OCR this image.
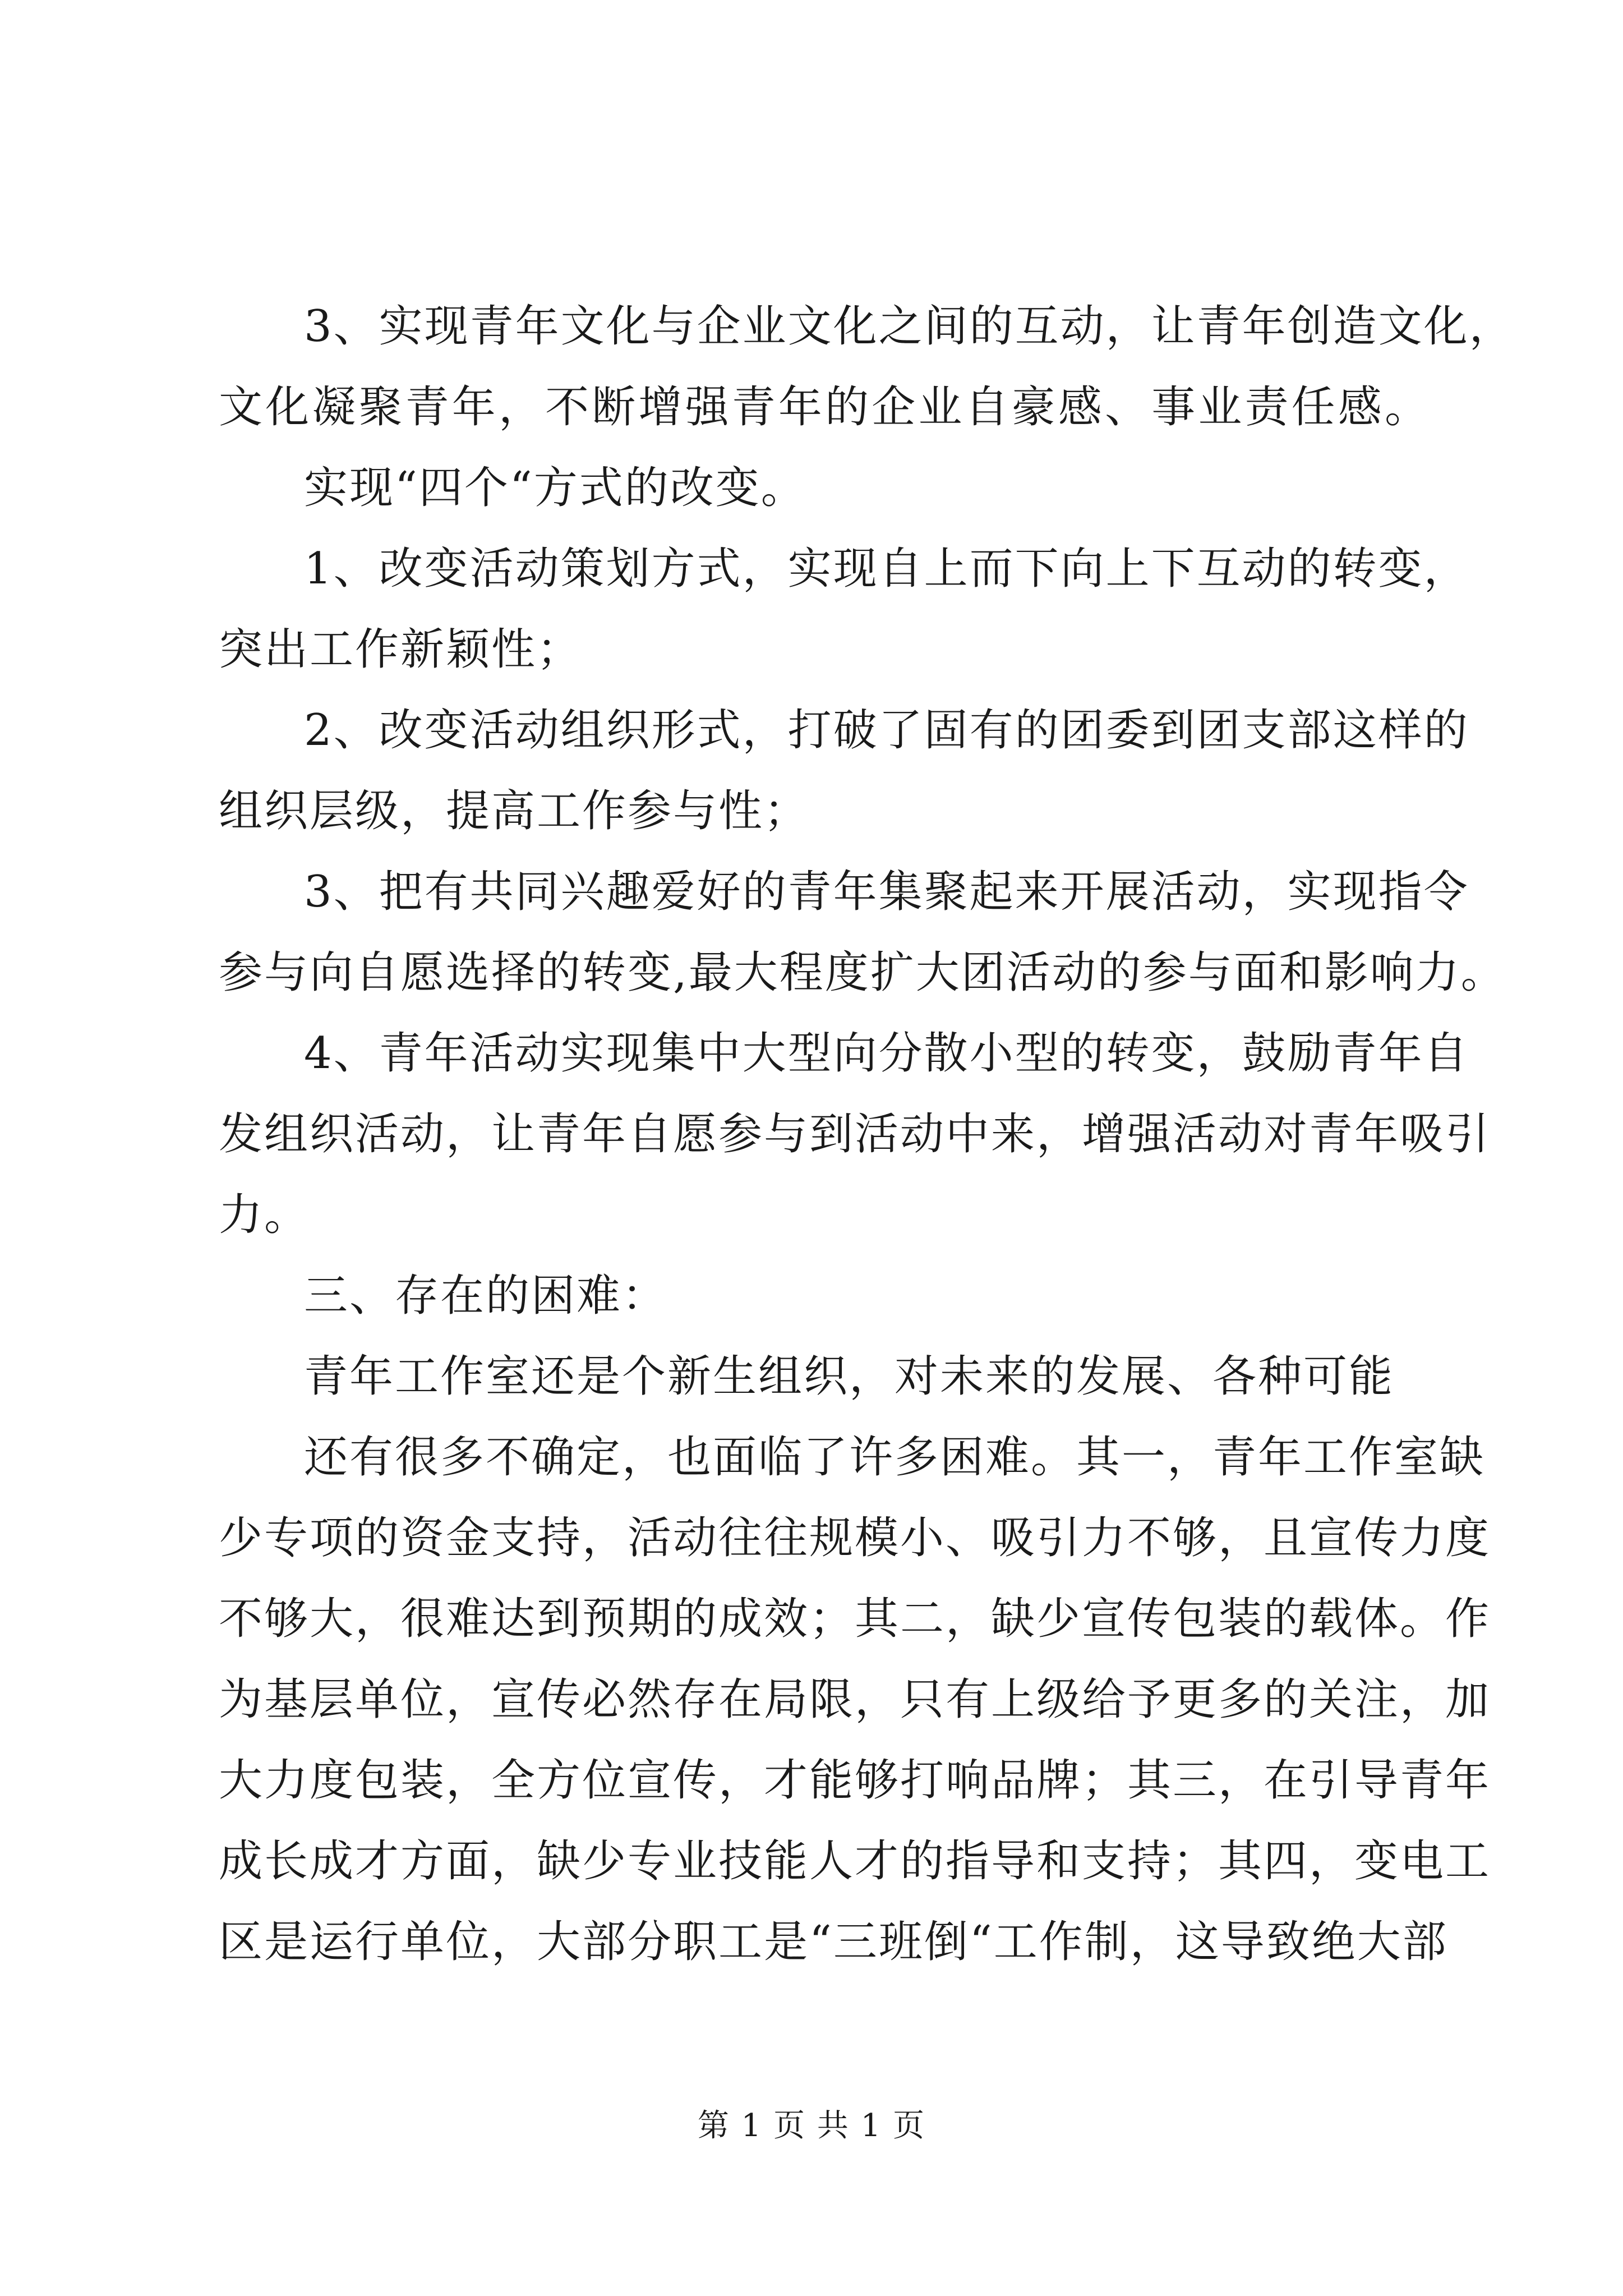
3、实现青年文化与企业文化之间的互动，让青年创造文化，
文化凝聚青年，不断增强青年的企业自豪感、事业责任感。
实现“四个“方式的改变。
1、改变活动策划方式，实现自上而下向上下互动的转变，
突出工作新颖性；
2、改变活动组织形式，打破了固有的团委到团支部这样的
组织层级，提高工作参与性；
3、把有共同兴趣爱好的青年集聚起来开展活动，实现指令
参与向自愿选择的转变,最大程度扩大团活动的参与面和影响力。
4、青年活动实现集中大型向分散小型的转变，鼓励青年自
发组织活动，让青年自愿参与到活动中来，增强活动对青年吸引
力。
三、存在的困难：
青年工作室还是个新生组织，对未来的发展、各种可能
还有很多不确定，也面临了许多困难。其一，青年工作室缺
少专项的资金支持，活动往往规模小、吸引力不够，且宣传力度
不够大，很难达到预期的成效；其二，缺少宣传包装的载体。作
为基层单位，宣传必然存在局限，只有上级给予更多的关注，加
大力度包装，全方位宣传，才能够打响品牌；其三，在引导青年
成长成才方面，缺少专业技能人才的指导和支持；其四，变电工
区是运行单位，大部分职工是“三班倒“工作制，这导致绝大部
第 1 页 共 1 页
